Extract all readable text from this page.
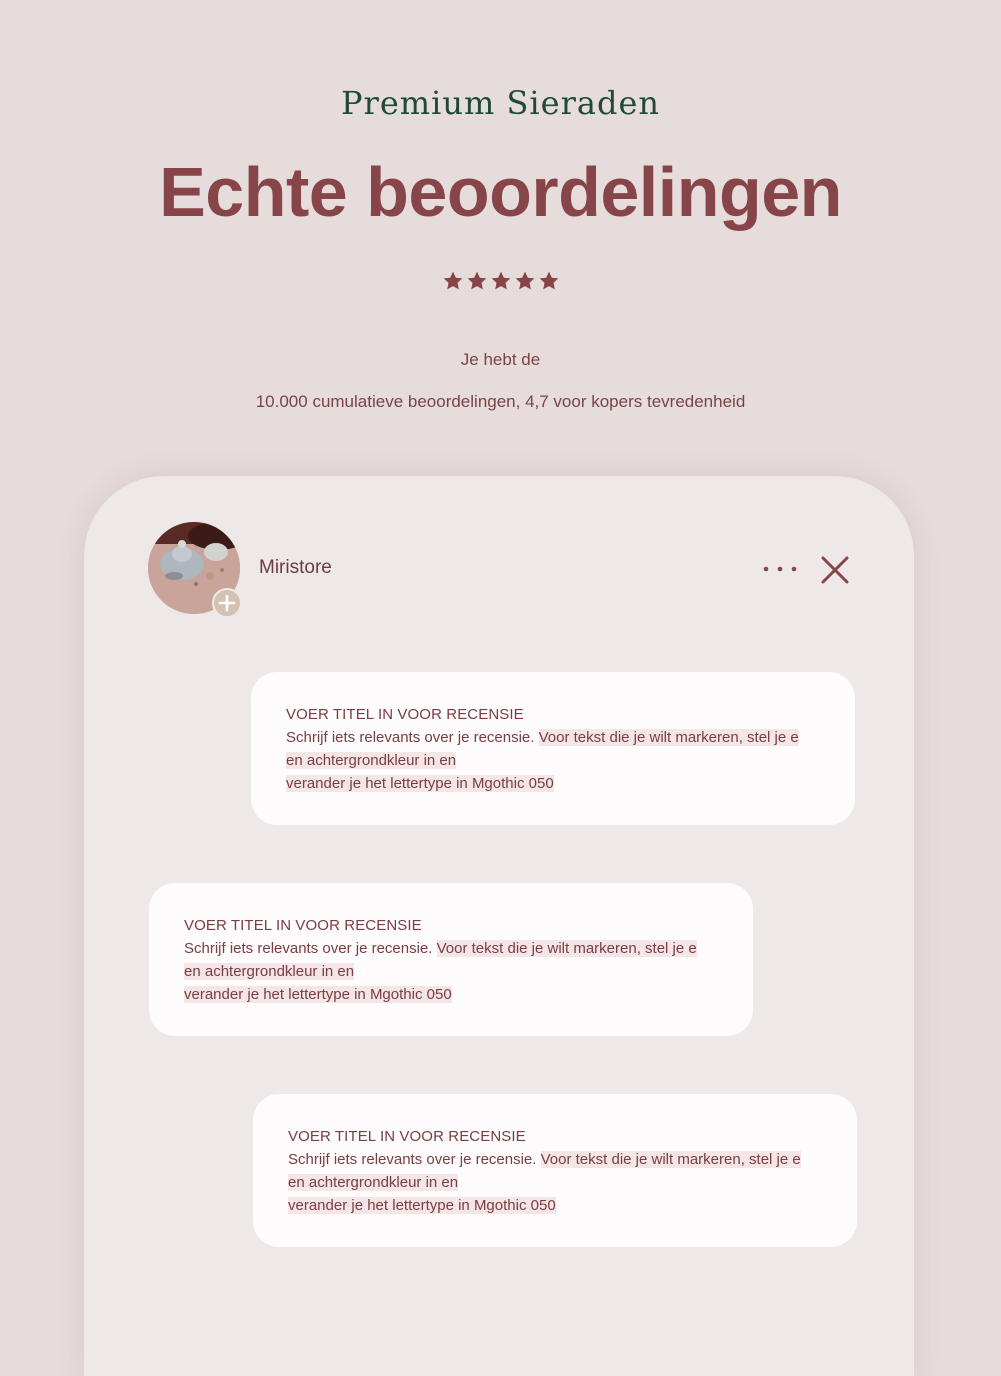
Premium Sieraden
Echte beoordelingen
Je hebt de
10.000 cumulatieve beoordelingen, 4,7 voor kopers tevredenheid
Miristore
VOER TITEL IN VOOR RECENSIE
Schrijf iets relevants over je recensie. Voor tekst die je wilt markeren, stel je e
en achtergrondkleur in en
verander je het lettertype in Mgothic 050
VOER TITEL IN VOOR RECENSIE
Schrijf iets relevants over je recensie. Voor tekst die je wilt markeren, stel je e
en achtergrondkleur in en
verander je het lettertype in Mgothic 050
VOER TITEL IN VOOR RECENSIE
Schrijf iets relevants over je recensie. Voor tekst die je wilt markeren, stel je e
en achtergrondkleur in en
verander je het lettertype in Mgothic 050
